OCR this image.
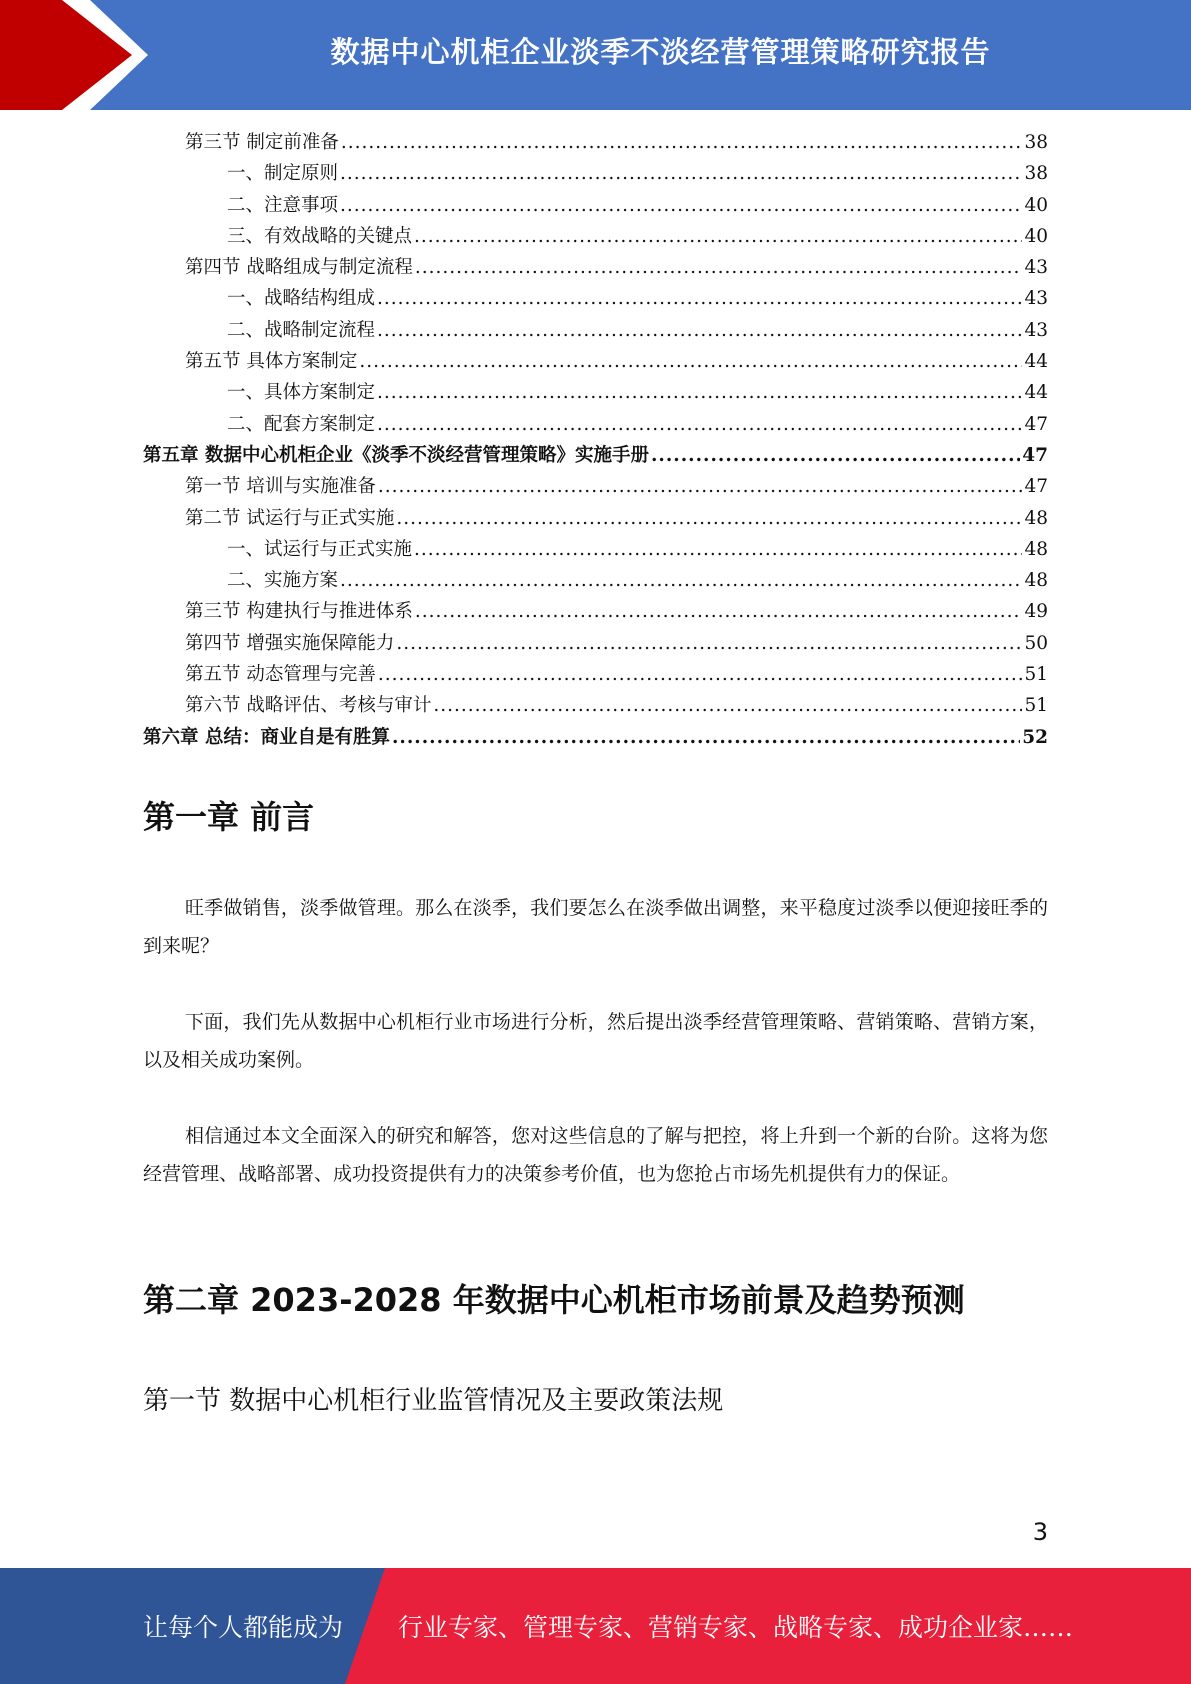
数据中心机柜企业淡季不淡经营管理策略研究报告
第三节 制定前准备 .....	38
一、制定原则 .....	38
二、注意事项 .....	40
三、有效战略的关键点 .....	40
第四节 战略组成与制定流程 .....	43
一、战略结构组成 .....	43
二、战略制定流程 .....	43
第五节 具体方案制定 .....	44
一、具体方案制定 .....	44
二、配套方案制定 .....	47
第五章 数据中心机柜企业《淡季不淡经营管理策略》实施手册 .....	47
第一节 培训与实施准备 .....	47
第二节 试运行与正式实施 .....	48
一、试运行与正式实施 .....	48
二、实施方案 .....	48
第三节 构建执行与推进体系 .....	49
第四节 增强实施保障能力 .....	50
第五节 动态管理与完善 .....	51
第六节 战略评估、考核与审计 .....	51
第六章 总结：商业自是有胜算 .....	52
第一章 前言
旺季做销售，淡季做管理。那么在淡季，我们要怎么在淡季做出调整，来平稳度过淡季以便迎接旺季的到来呢？
下面，我们先从数据中心机柜行业市场进行分析，然后提出淡季经营管理策略、营销策略、营销方案，以及相关成功案例。
相信通过本文全面深入的研究和解答，您对这些信息的了解与把控，将上升到一个新的台阶。这将为您经营管理、战略部署、成功投资提供有力的决策参考价值，也为您抢占市场先机提供有力的保证。
第二章 2023-2028 年数据中心机柜市场前景及趋势预测
第一节 数据中心机柜行业监管情况及主要政策法规
3
让每个人都能成为 行业专家、管理专家、营销专家、战略专家、成功企业家……
